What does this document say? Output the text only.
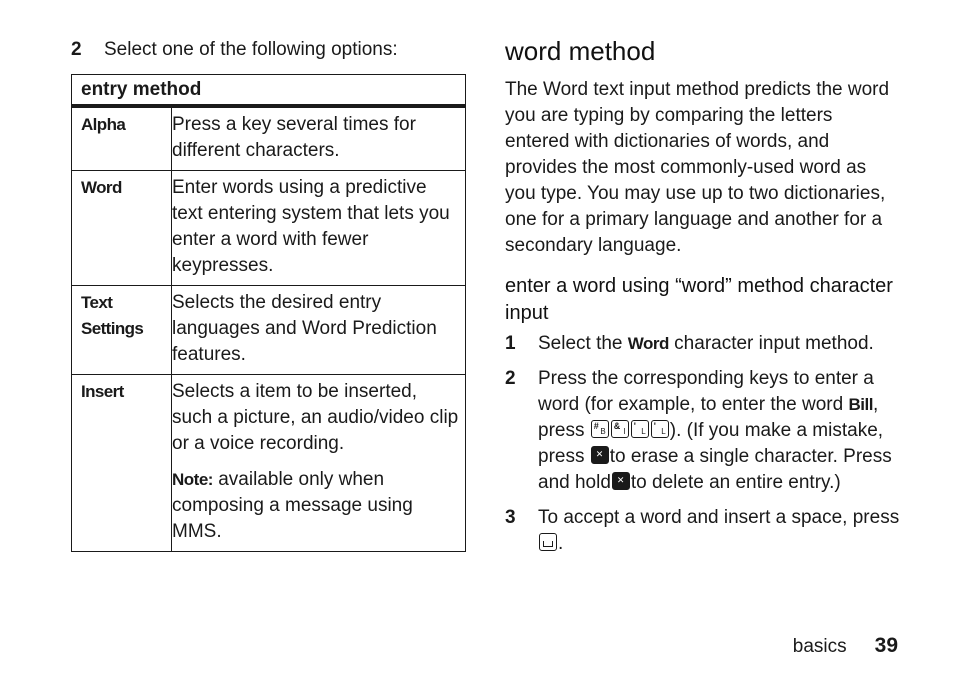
2	Select one of the following options:
entry method	
Alpha	Press a key several times for different characters.
Word	Enter words using a predictive text entering system that lets you enter a word with fewer keypresses.
Text Settings	Selects the desired entry languages and Word Prediction features.
Insert	Selects a item to be inserted, such a picture, an audio/video clip or a voice recording.
Note: available only when composing a message using MMS.
word method

The Word text input method predicts the word you are typing by comparing the letters entered with dictionaries of words, and provides the most commonly-used word as you type. You may use up to two dictionaries, one for a primary language and another for a secondary language.

enter a word using “word” method character input
1	Select the Word character input method.
2	Press the corresponding keys to enter a word (for example, to enter the word Bill, press #
B
&
I
'
L
'
L ). (If you make a mistake, press ✕to erase a single character. Press and hold ✕ to delete an entire entry.)
3	To accept a word and insert a space, press .
basics 39
